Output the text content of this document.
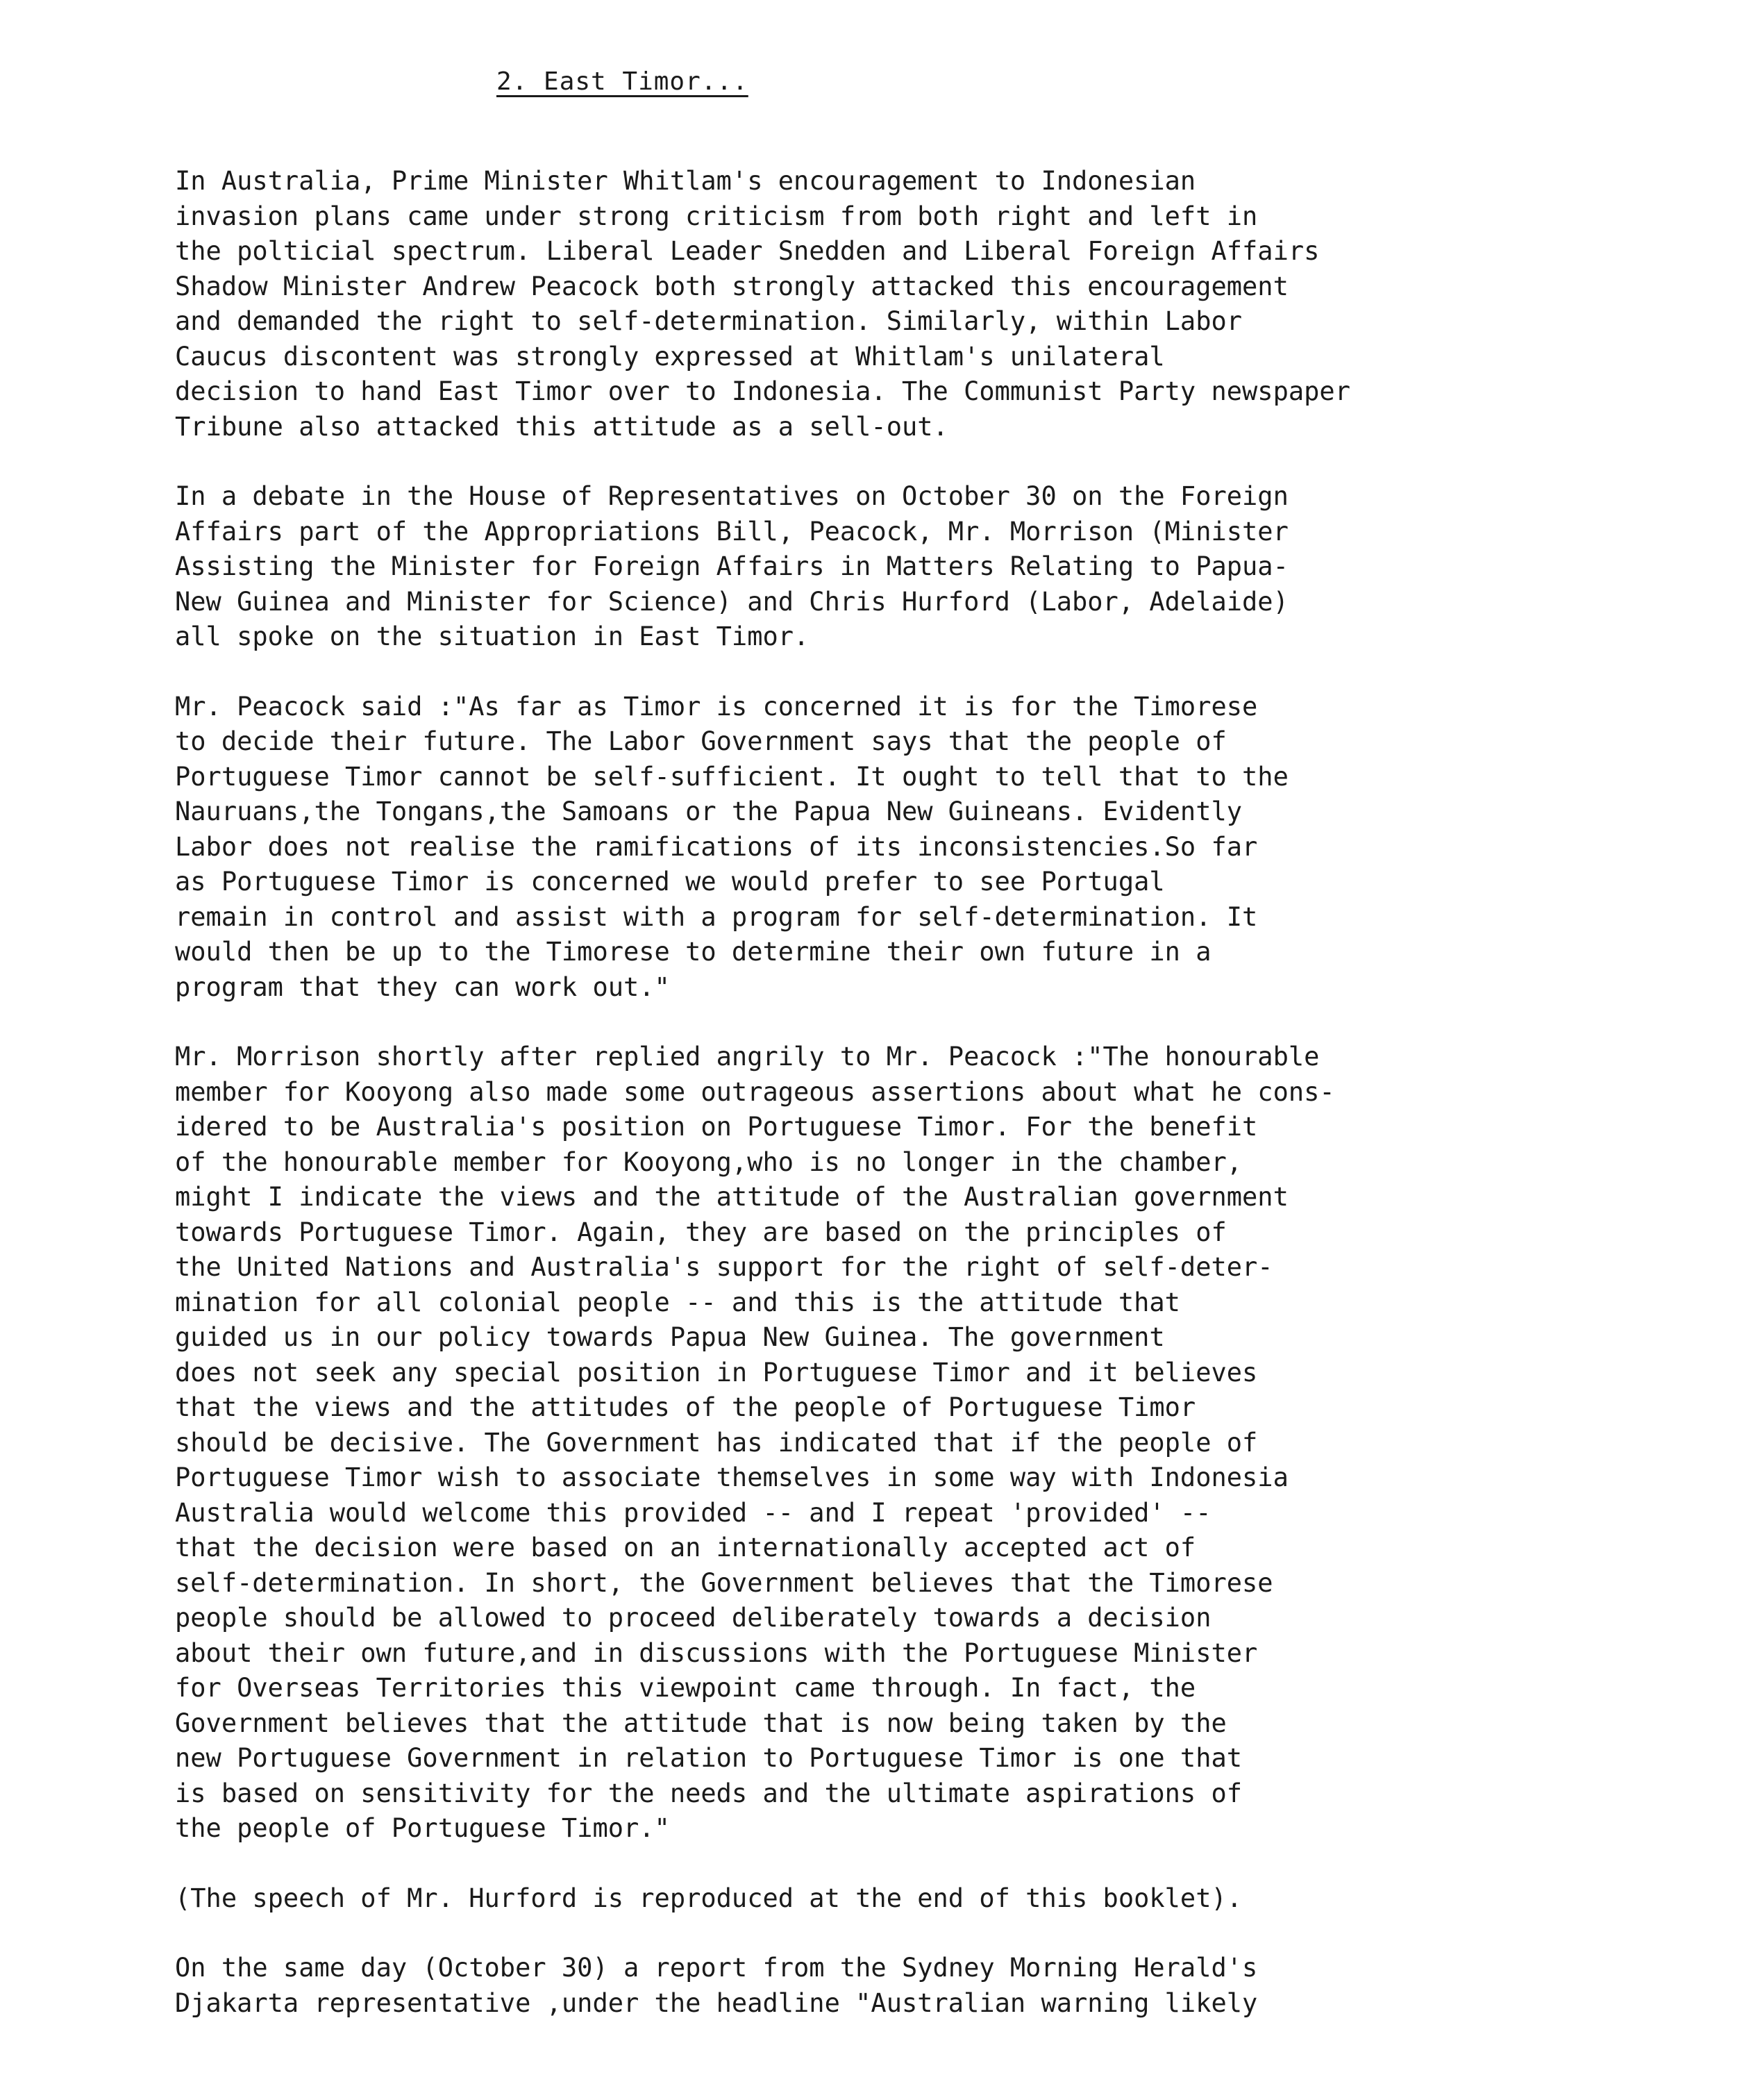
2. East Timor...
In Australia, Prime Minister Whitlam's encouragement to Indonesian
invasion plans came under strong criticism from both right and left in
the polticial spectrum. Liberal Leader Snedden and Liberal Foreign Affairs
Shadow Minister Andrew Peacock both strongly attacked this encouragement
and demanded the right to self-determination. Similarly, within Labor
Caucus discontent was strongly expressed at Whitlam's unilateral
decision to hand East Timor over to Indonesia. The Communist Party newspaper
Tribune also attacked this attitude as a sell-out.
In a debate in the House of Representatives on October 30 on the Foreign
Affairs part of the Appropriations Bill, Peacock, Mr. Morrison (Minister
Assisting the Minister for Foreign Affairs in Matters Relating to Papua-
New Guinea and Minister for Science) and Chris Hurford (Labor, Adelaide)
all spoke on the situation in East Timor.
Mr. Peacock said :"As far as Timor is concerned it is for the Timorese
to decide their future. The Labor Government says that the people of
Portuguese Timor cannot be self-sufficient. It ought to tell that to the
Nauruans,the Tongans,the Samoans or the Papua New Guineans. Evidently
Labor does not realise the ramifications of its inconsistencies.So far
as Portuguese Timor is concerned we would prefer to see Portugal
remain in control and assist with a program for self-determination. It
would then be up to the Timorese to determine their own future in a
program that they can work out."
Mr. Morrison shortly after replied angrily to Mr. Peacock :"The honourable
member for Kooyong also made some outrageous assertions about what he cons-
idered to be Australia's position on Portuguese Timor. For the benefit
of the honourable member for Kooyong,who is no longer in the chamber,
might I indicate the views and the attitude of the Australian government
towards Portuguese Timor. Again, they are based on the principles of
the United Nations and Australia's support for the right of self-deter-
mination for all colonial people -- and this is the attitude that
guided us in our policy towards Papua New Guinea. The government
does not seek any special position in Portuguese Timor and it believes
that the views and the attitudes of the people of Portuguese Timor
should be decisive. The Government has indicated that if the people of
Portuguese Timor wish to associate themselves in some way with Indonesia
Australia would welcome this provided -- and I repeat 'provided' --
that the decision were based on an internationally accepted act of
self-determination. In short, the Government believes that the Timorese
people should be allowed to proceed deliberately towards a decision
about their own future,and in discussions with the Portuguese Minister
for Overseas Territories this viewpoint came through. In fact, the
Government believes that the attitude that is now being taken by the
new Portuguese Government in relation to Portuguese Timor is one that
is based on sensitivity for the needs and the ultimate aspirations of
the people of Portuguese Timor."
(The speech of Mr. Hurford is reproduced at the end of this booklet).
On the same day (October 30) a report from the Sydney Morning Herald's
Djakarta representative ,under the headline "Australian warning likely
